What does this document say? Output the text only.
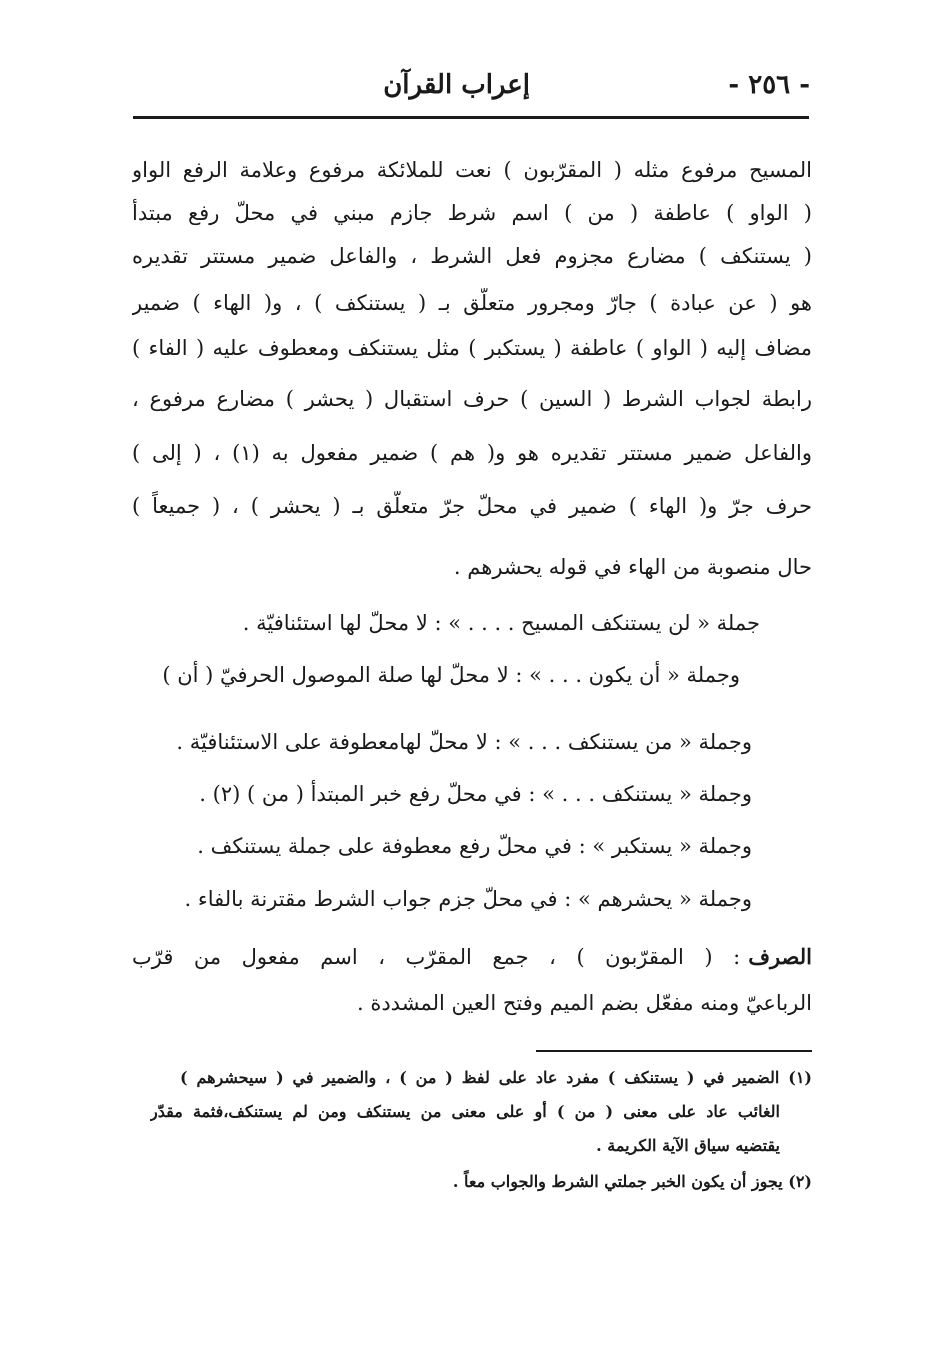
- ٢٥٦ -
إعراب القرآن
المسيح مرفوع مثله ( المقرّبون ) نعت للملائكة مرفوع وعلامة الرفع الواو
( الواو ) عاطفة ( من ) اسم شرط جازم مبني في محلّ رفع مبتدأ
( يستنكف ) مضارع مجزوم فعل الشرط ، والفاعل ضمير مستتر تقديره
هو ( عن عبادة ) جارّ ومجرور متعلّق بـ ( يستنكف ) ، و( الهاء ) ضمير
مضاف إليه ( الواو ) عاطفة ( يستكبر ) مثل يستنكف ومعطوف عليه ( الفاء )
رابطة لجواب الشرط ( السين ) حرف استقبال ( يحشر ) مضارع مرفوع ،
والفاعل ضمير مستتر تقديره هو و( هم ) ضمير مفعول به (١) ، ( إلى )
حرف جرّ و( الهاء ) ضمير في محلّ جرّ متعلّق بـ ( يحشر ) ، ( جميعاً )
حال منصوبة من الهاء في قوله يحشرهم .
جملة « لن يستنكف المسيح . . . . » : لا محلّ لها استئنافيّة .
وجملة « أن يكون . . . » : لا محلّ لها صلة الموصول الحرفيّ ( أن )
وجملة « من يستنكف . . . » : لا محلّ لهامعطوفة على الاستئنافيّة .
وجملة « يستنكف . . . » : في محلّ رفع خبر المبتدأ ( من ) (٢) .
وجملة « يستكبر » : في محلّ رفع معطوفة على جملة يستنكف .
وجملة « يحشرهم » : في محلّ جزم جواب الشرط مقترنة بالفاء .
الصرف
: ( المقرّبون ) ، جمع المقرّب ، اسم مفعول من قرّب
الرباعيّ ومنه مفعّل بضم الميم وفتح العين المشددة .
(١) الضمير في ( يستنكف ) مفرد عاد على لفظ ( من ) ، والضمير في ( سيحشرهم )
الغائب عاد على معنى ( من ) أو على معنى من يستنكف ومن لم يستنكف،فثمة مقدّر
يقتضيه سياق الآية الكريمة .
(٢) يجوز أن يكون الخبر جملتي الشرط والجواب معاً .
